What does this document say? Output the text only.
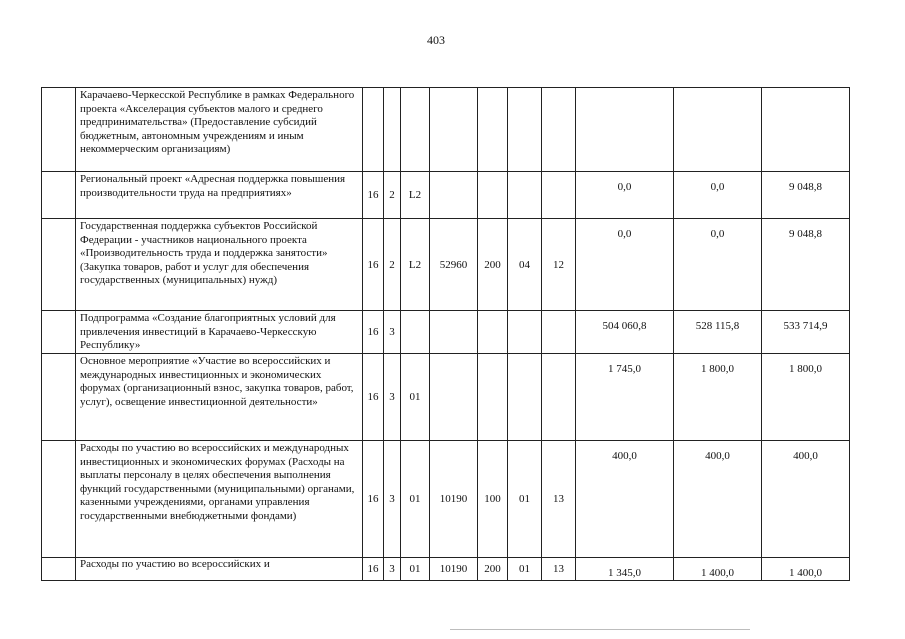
403
	Карачаево-Черкесской Республике в рамках Федерального проекта «Акселерация субъектов малого и среднего предпринимательства» (Предоставление субсидий бюджетным, автономным учреждениям и иным некоммерческим организациям)										
	Региональный проект «Адресная поддержка повышения производительности труда на предприятиях»	16	2	L2					0,0	0,0	9 048,8
	Государственная поддержка субъектов Российской Федерации - участников национального проекта «Производительность труда и поддержка занятости» (Закупка товаров, работ и услуг для обеспечения государственных (муниципальных) нужд)	16	2	L2	52960	200	04	12	0,0	0,0	9 048,8
	Подпрограмма «Создание благоприятных условий для привлечения инвестиций в Карачаево-Черкесскую Республику»	16	3						504 060,8	528 115,8	533 714,9
	Основное мероприятие «Участие во всероссийских и международных инвестиционных и экономических форумах (организационный взнос, закупка товаров, работ, услуг), освещение инвестиционной деятельности»	16	3	01					1 745,0	1 800,0	1 800,0
	Расходы по участию во всероссийских и международных инвестиционных и экономических форумах (Расходы на выплаты персоналу в целях обеспечения выполнения функций государственными (муниципальными) органами, казенными учреждениями, органами управления государственными внебюджетными фондами)	16	3	01	10190	100	01	13	400,0	400,0	400,0
	Расходы по участию во всероссийских и	16	3	01	10190	200	01	13	1 345,0	1 400,0	1 400,0
